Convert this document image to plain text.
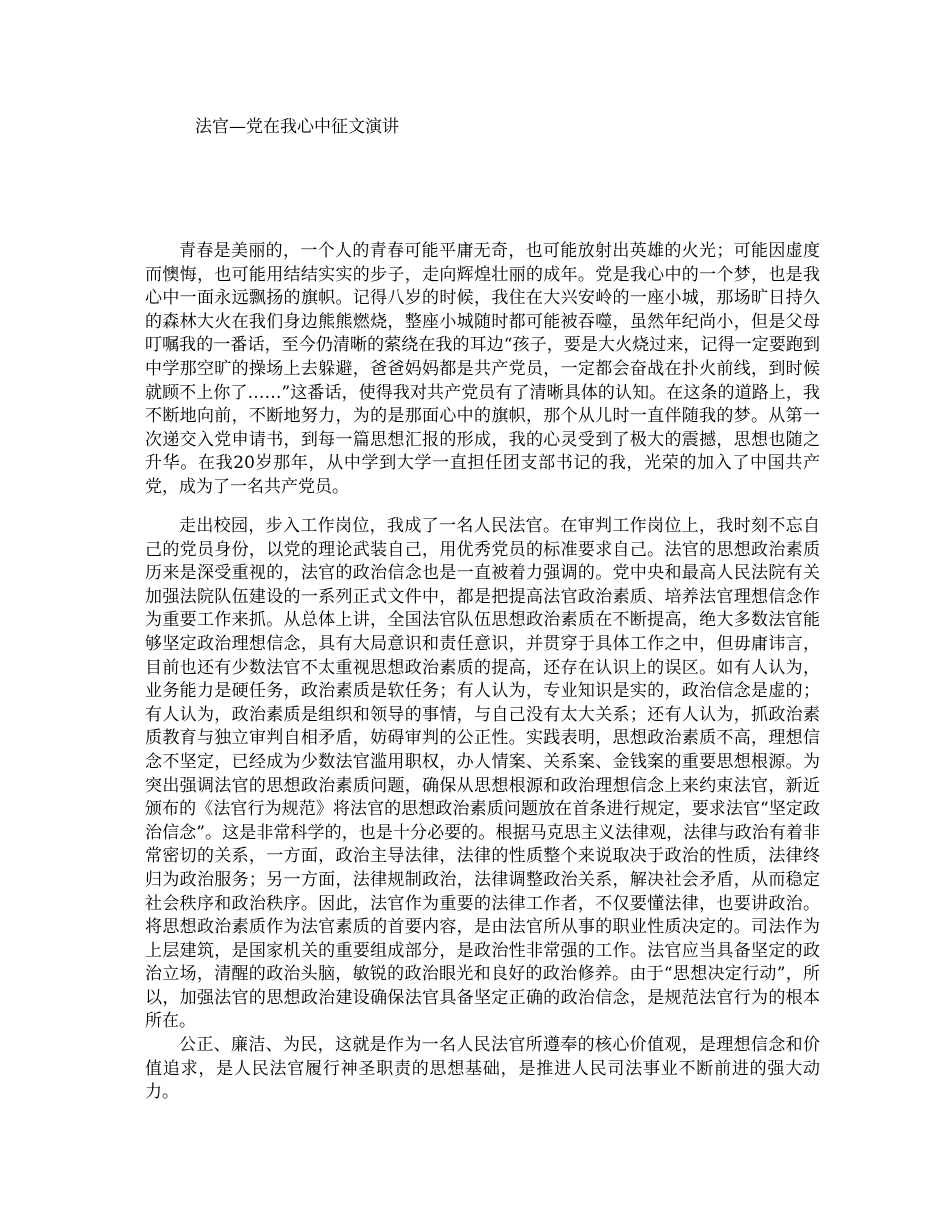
法官—党在我心中征文演讲

青春是美丽的，一个人的青春可能平庸无奇，也可能放射出英雄的火光；可能因虚度而懊悔，也可能用结结实实的步子，走向辉煌壮丽的成年。党是我心中的一个梦，也是我心中一面永远飘扬的旗帜。记得八岁的时候，我住在大兴安岭的一座小城，那场旷日持久的森林大火在我们身边熊熊燃烧，整座小城随时都可能被吞噬，虽然年纪尚小，但是父母叮嘱我的一番话，至今仍清晰的萦绕在我的耳边“孩子，要是大火烧过来，记得一定要跑到中学那空旷的操场上去躲避，爸爸妈妈都是共产党员，一定都会奋战在扑火前线，到时候就顾不上你了……”这番话，使得我对共产党员有了清晰具体的认知。在这条的道路上，我不断地向前，不断地努力，为的是那面心中的旗帜，那个从儿时一直伴随我的梦。从第一次递交入党申请书，到每一篇思想汇报的形成，我的心灵受到了极大的震撼，思想也随之升华。在我20岁那年，从中学到大学一直担任团支部书记的我，光荣的加入了中国共产党，成为了一名共产党员。

走出校园，步入工作岗位，我成了一名人民法官。在审判工作岗位上，我时刻不忘自己的党员身份，以党的理论武装自己，用优秀党员的标准要求自己。法官的思想政治素质历来是深受重视的，法官的政治信念也是一直被着力强调的。党中央和最高人民法院有关加强法院队伍建设的一系列正式文件中，都是把提高法官政治素质、培养法官理想信念作为重要工作来抓。从总体上讲，全国法官队伍思想政治素质在不断提高，绝大多数法官能够坚定政治理想信念，具有大局意识和责任意识，并贯穿于具体工作之中，但毋庸讳言，目前也还有少数法官不太重视思想政治素质的提高，还存在认识上的误区。如有人认为，业务能力是硬任务，政治素质是软任务；有人认为，专业知识是实的，政治信念是虚的；有人认为，政治素质是组织和领导的事情，与自己没有太大关系；还有人认为，抓政治素质教育与独立审判自相矛盾，妨碍审判的公正性。实践表明，思想政治素质不高，理想信念不坚定，已经成为少数法官滥用职权，办人情案、关系案、金钱案的重要思想根源。为突出强调法官的思想政治素质问题，确保从思想根源和政治理想信念上来约束法官，新近颁布的《法官行为规范》将法官的思想政治素质问题放在首条进行规定，要求法官“坚定政治信念”。这是非常科学的，也是十分必要的。根据马克思主义法律观，法律与政治有着非常密切的关系，一方面，政治主导法律，法律的性质整个来说取决于政治的性质，法律终归为政治服务；另一方面，法律规制政治，法律调整政治关系，解决社会矛盾，从而稳定社会秩序和政治秩序。因此，法官作为重要的法律工作者，不仅要懂法律，也要讲政治。将思想政治素质作为法官素质的首要内容，是由法官所从事的职业性质决定的。司法作为上层建筑，是国家机关的重要组成部分，是政治性非常强的工作。法官应当具备坚定的政治立场，清醒的政治头脑，敏锐的政治眼光和良好的政治修养。由于“思想决定行动”，所以，加强法官的思想政治建设确保法官具备坚定正确的政治信念，是规范法官行为的根本所在。

公正、廉洁、为民，这就是作为一名人民法官所遵奉的核心价值观，是理想信念和价值追求，是人民法官履行神圣职责的思想基础，是推进人民司法事业不断前进的强大动力。
